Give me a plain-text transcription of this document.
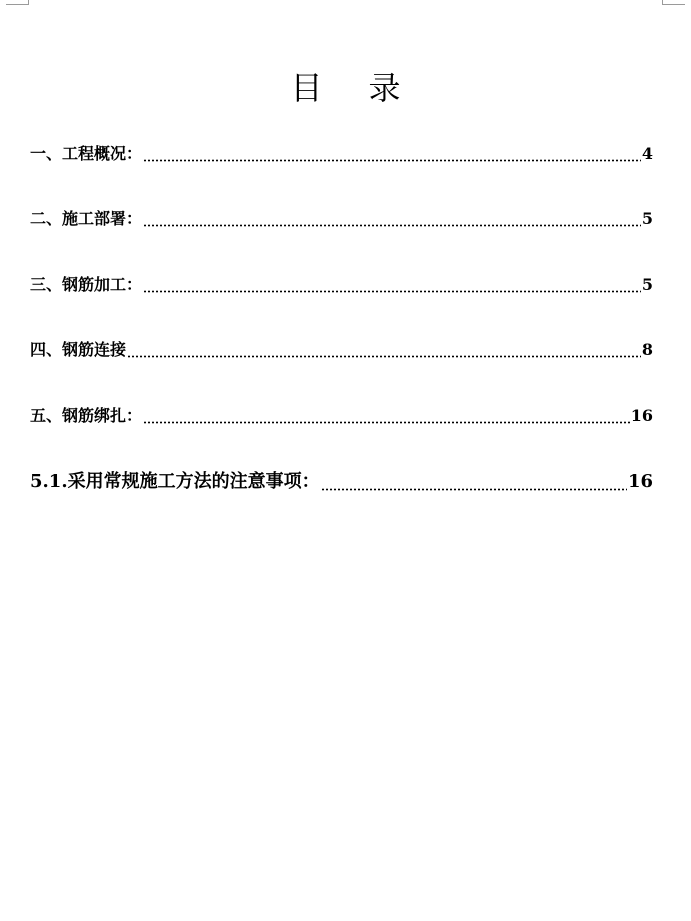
目录
一、工程概况：	4
二、施工部署：	5
三、钢筋加工：	5
四、钢筋连接	8
五、钢筋绑扎：	16
5.1.采用常规施工方法的注意事项：	16
